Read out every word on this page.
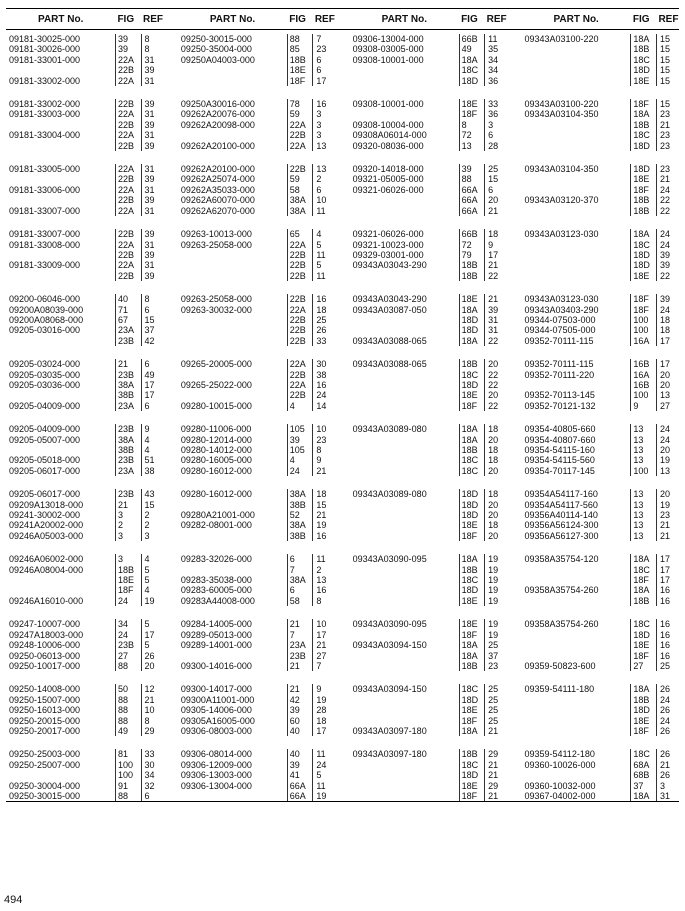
PART No.	FIG	REF		PART No.	FIG	REF		PART No.	FIG	REF		PART No.	FIG	REF

09181-30025-000	39	8		09250-30015-000	88	7		09306-13004-000	66B	11		09343A03100-220	18A	15
09181-30026-000	39	8		09250-35004-000	85	23		09308-03005-000	49	35			18B	15
09181-33001-000	22A	31		09250A04003-000	18B	6		09308-10001-000	18A	34			18C	15
	22B	39			18E	6			18C	34			18D	15
09181-33002-000	22A	31			18F	17			18D	36			18E	15

09181-33002-000	22B	39		09250A30016-000	78	16		09308-10001-000	18E	33		09343A03100-220	18F	15
09181-33003-000	22A	31		09262A20076-000	59	3			18F	36		09343A03104-350	18A	23
	22B	39		09262A20098-000	22A	3		09308-10004-000	8	3			18B	21
09181-33004-000	22A	31			22B	3		09308A06014-000	72	6			18C	23
	22B	39		09262A20100-000	22A	13		09320-08036-000	13	28			18D	23

09181-33005-000	22A	31		09262A20100-000	22B	13		09320-14018-000	39	25		09343A03104-350	18D	23
	22B	39		09262A25074-000	59	2		09321-05005-000	88	15			18E	21
09181-33006-000	22A	31		09262A35033-000	58	6		09321-06026-000	66A	6			18F	24
	22B	39		09262A60070-000	38A	10			66A	20		09343A03120-370	18B	22
09181-33007-000	22A	31		09262A62070-000	38A	11			66A	21			18B	22

09181-33007-000	22B	39		09263-10013-000	65	4		09321-06026-000	66B	18		09343A03123-030	18A	24
09181-33008-000	22A	31		09263-25058-000	22A	5		09321-10023-000	72	9			18C	24
	22B	39			22B	11		09329-03001-000	79	17			18D	39
09181-33009-000	22A	31			22B	5		09343A03043-290	18B	21			18D	39
	22B	39			22B	11			18B	22			18E	22

09200-06046-000	40	8		09263-25058-000	22B	16		09343A03043-290	18E	21		09343A03123-030	18F	39
09200A08039-000	71	6		09263-30032-000	22A	18		09343A03087-050	18A	39		09343A03403-290	18F	24
09200A08068-000	67	15			22B	25			18D	31		09344-07503-000	100	18
09205-03016-000	23A	37			22B	26			18D	31		09344-07505-000	100	18
	23B	42			22B	33		09343A03088-065	18A	22		09352-70111-115	16A	17

09205-03024-000	21	6		09265-20005-000	22A	30		09343A03088-065	18B	20		09352-70111-115	16B	17
09205-03035-000	23B	49			22B	38			18C	22		09352-70111-220	16A	20
09205-03036-000	38A	17		09265-25022-000	22A	16			18D	22			16B	20
	38B	17			22B	24			18E	20		09352-70113-145	100	13
09205-04009-000	23A	6		09280-10015-000	4	14			18F	22		09352-70121-132	9	27

09205-04009-000	23B	9		09280-11006-000	105	10		09343A03089-080	18A	18		09354-40805-660	13	24
09205-05007-000	38A	4		09280-12014-000	39	23			18A	20		09354-40807-660	13	24
	38B	4		09280-14012-000	105	8			18B	18		09354-54115-160	13	20
09205-05018-000	23B	51		09280-16005-000	4	9			18C	18		09354-54115-560	13	19
09205-06017-000	23A	38		09280-16012-000	24	21			18C	20		09354-70117-145	100	13

09205-06017-000	23B	43		09280-16012-000	38A	18		09343A03089-080	18D	18		09354A54117-160	13	20
09209A13018-000	21	15			38B	15			18D	20		09354A54117-560	13	19
09241-30002-000	3	2		09280A21001-000	52	21			18D	20		09356A40114-140	13	23
09241A20002-000	2	2		09282-08001-000	38A	19			18E	18		09356A56124-300	13	21
09246A05003-000	3	3			38B	16			18F	20		09356A56127-300	13	21

09246A06002-000	3	4		09283-32026-000	6	11		09343A03090-095	18A	19		09358A35754-120	18A	17
09246A08004-000	18B	5			7	2			18B	19			18C	17
	18E	5		09283-35038-000	38A	13			18C	19			18F	17
	18F	4		09283-60005-000	6	16			18D	19		09358A35754-260	18A	16
09246A16010-000	24	19		09283A44008-000	58	8			18E	19			18B	16

09247-10007-000	34	5		09284-14005-000	21	10		09343A03090-095	18E	19		09358A35754-260	18C	16
09247A18003-000	24	17		09289-05013-000	7	17			18F	19			18D	16
09248-10006-000	23B	5		09289-14001-000	23A	21		09343A03094-150	18A	25			18E	16
09250-06013-000	27	26			23B	27			18A	37			18F	16
09250-10017-000	88	20		09300-14016-000	21	7			18B	23		09359-50823-600	27	25

09250-14008-000	50	12		09300-14017-000	21	9		09343A03094-150	18C	25		09359-54111-180	18A	26
09250-15007-000	88	21		09300A11001-000	42	19			18D	25			18B	24
09250-16013-000	88	10		09305-14006-000	39	28			18E	25			18D	26
09250-20015-000	88	8		09305A16005-000	60	18			18F	25			18E	24
09250-20017-000	49	29		09306-08003-000	40	17		09343A03097-180	18A	21			18F	26

09250-25003-000	81	33		09306-08014-000	40	11		09343A03097-180	18B	29		09359-54112-180	18C	26
09250-25007-000	100	30		09306-12009-000	39	24			18C	21		09360-10026-000	68A	21
	100	34		09306-13003-000	41	5			18D	21			68B	26
09250-30004-000	91	32		09306-13004-000	66A	11			18E	29		09360-10032-000	37	3
09250-30015-000	88	6			66A	19			18F	21		09367-04002-000	18A	31
494
